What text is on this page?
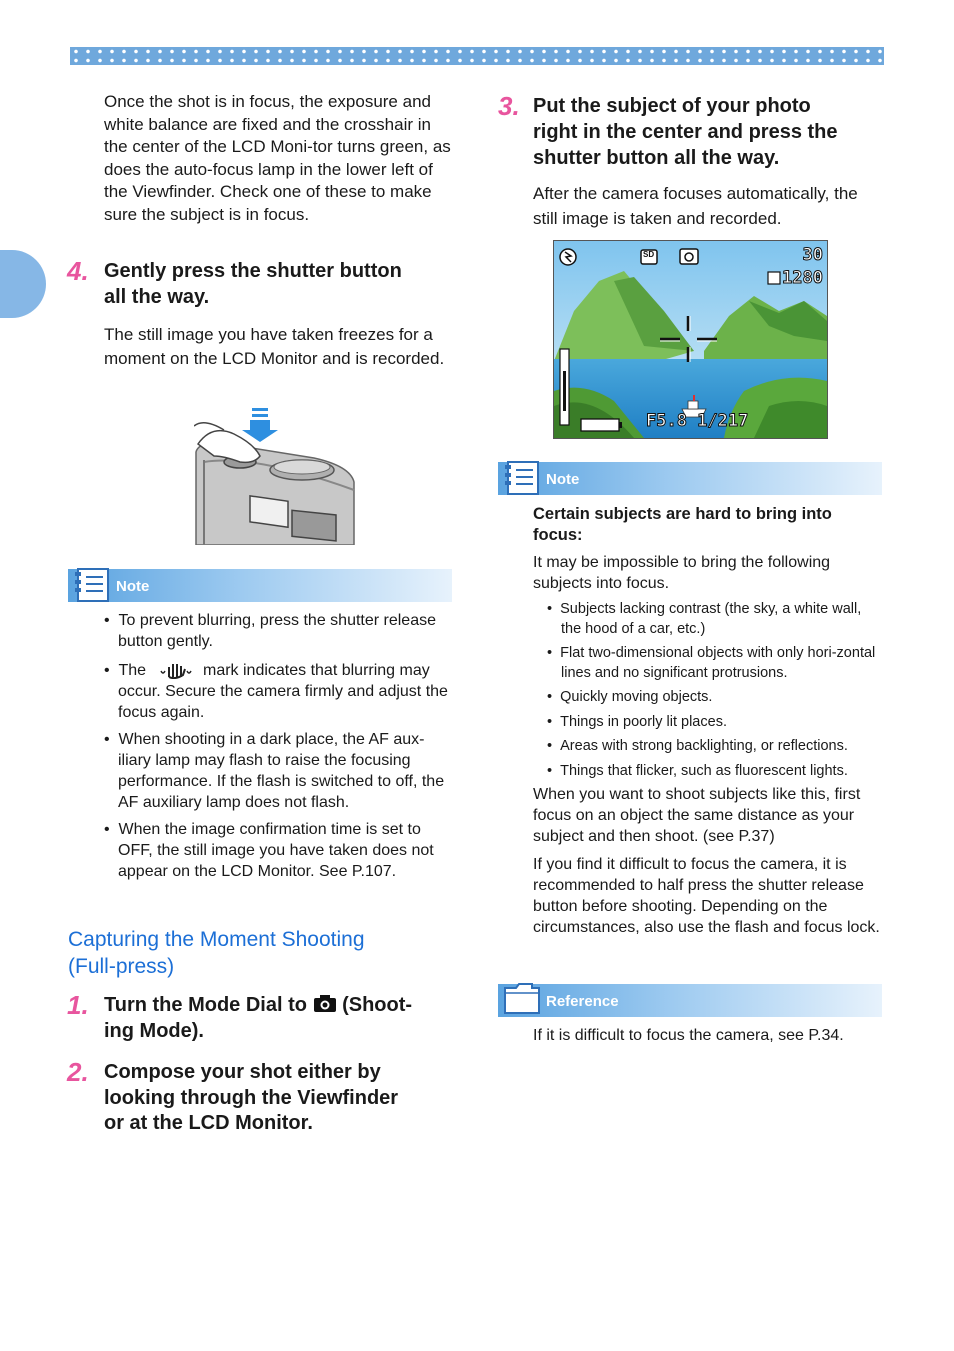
Once the shot is in focus, the exposure and white balance are fixed and the crosshair in the center of the LCD Moni-tor turns green, as does the auto-focus lamp in the lower left of the Viewfinder. Check one of these to make sure the subject is in focus.

4. Gently press the shutter button
all the way.

The still image you have taken freezes for a moment on the LCD Monitor and is recorded.

Note
•  To prevent blurring, press the shutter release button gently.
•  The	mark indicates that blurring may occur. Secure the camera firmly and adjust the focus again.
•  When shooting in a dark place, the AF aux-iliary lamp may flash to raise the focusing performance. If the flash is switched to off, the AF auxiliary lamp does not flash.
•  When the image confirmation time is set to OFF, the still image you have taken does not appear on the LCD Monitor. See P.107.
Capturing the Moment Shooting
(Full-press)
1. Turn the Mode Dial to (Shoot-
ing Mode).
2. Compose your shot either by
looking through the Viewfinder
or at the LCD Monitor.
3. Put the subject of your photo
right in the center and press the
shutter button all the way.

After the camera focuses automatically, the still image is taken and recorded.

SD	30
1280
F5.8 1/217
Note
Certain subjects are hard to bring into focus:
It may be impossible to bring the following subjects into focus.
•  Subjects lacking contrast (the sky, a white wall, the hood of a car, etc.)
•  Flat two-dimensional objects with only hori-zontal lines and no significant protrusions.
•  Quickly moving objects.
•  Things in poorly lit places.
•  Areas with strong backlighting, or reflections.
•  Things that flicker, such as fluorescent lights.

When you want to shoot subjects like this, first focus on an object the same distance as your subject and then shoot. (see P.37)

If you find it difficult to focus the camera, it is recommended to half press the shutter release button before shooting. Depending on the circumstances, also use the flash and focus lock.

Reference

If it is difficult to focus the camera, see P.34.
